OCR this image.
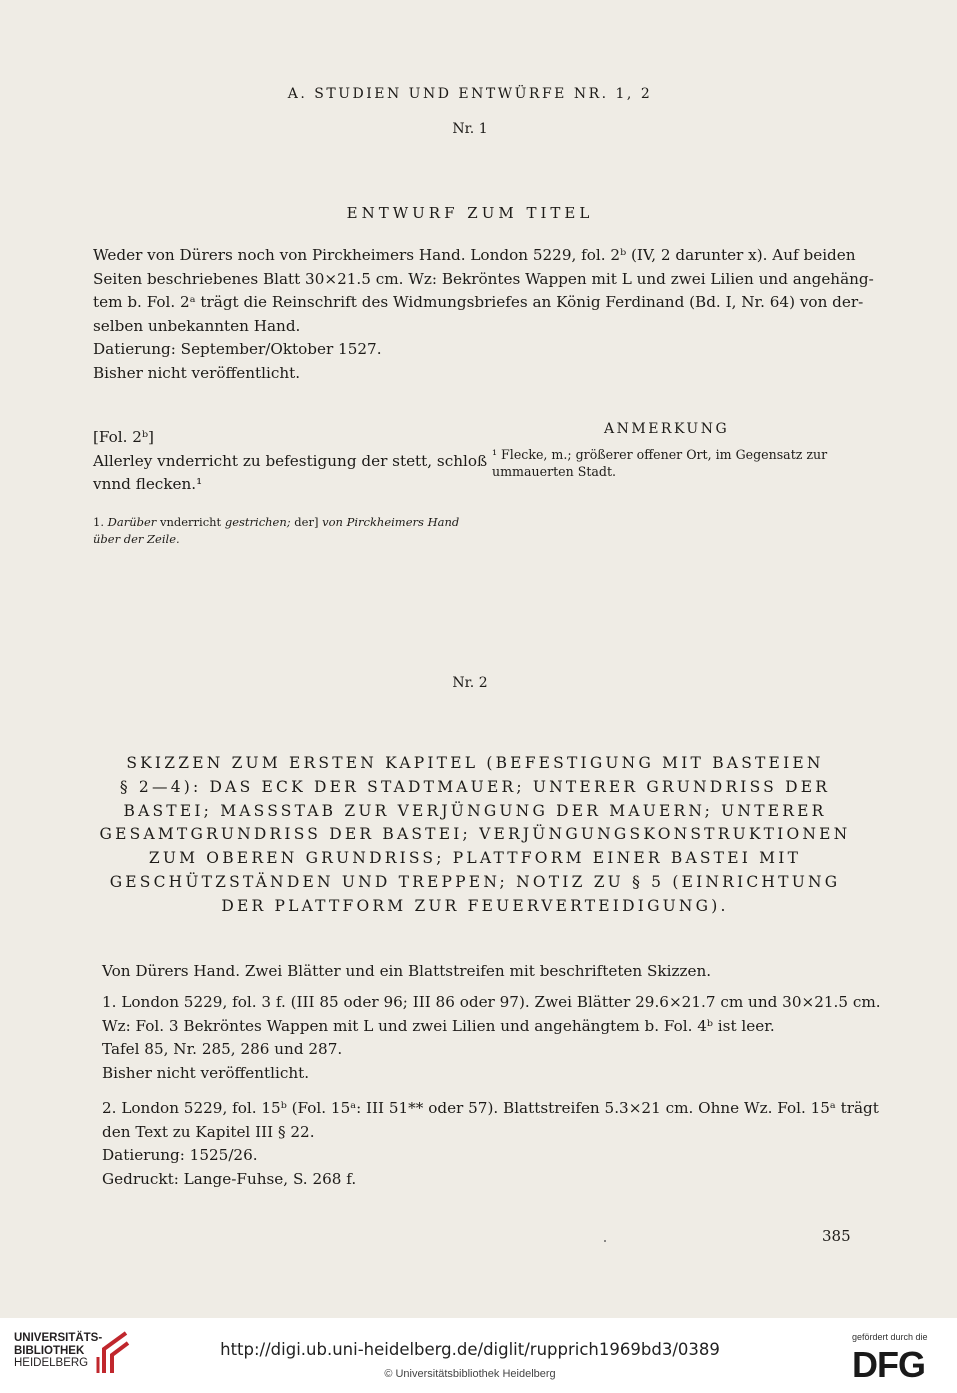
A. STUDIEN UND ENTWÜRFE NR. 1, 2
Nr. 1
ENTWURF ZUM TITEL
Weder von Dürers noch von Pirckheimers Hand. London 5229, fol. 2ᵇ (IV, 2 darunter x). Auf beiden
Seiten beschriebenes Blatt 30×21.5 cm. Wz: Bekröntes Wappen mit L und zwei Lilien und angehäng-
tem b. Fol. 2ᵃ trägt die Reinschrift des Widmungsbriefes an König Ferdinand (Bd. I, Nr. 64) von der-
selben unbekannten Hand.
Datierung: September/Oktober 1527.
Bisher nicht veröffentlicht.
[Fol. 2ᵇ]
Allerley vnderricht zu befestigung der stett, schloß
vnnd flecken.¹
1. Darüber vnderricht gestrichen; der] von Pirckheimers Hand
über der Zeile.
ANMERKUNG
¹ Flecke, m.; größerer offener Ort, im Gegensatz zur
ummauerten Stadt.
Nr. 2
SKIZZEN ZUM ERSTEN KAPITEL (BEFESTIGUNG MIT BASTEIEN
§ 2—4): DAS ECK DER STADTMAUER; UNTERER GRUNDRISS DER
BASTEI; MASSSTAB ZUR VERJÜNGUNG DER MAUERN; UNTERER
GESAMTGRUNDRISS DER BASTEI; VERJÜNGUNGSKONSTRUKTIONEN
ZUM OBEREN GRUNDRISS; PLATTFORM EINER BASTEI MIT
GESCHÜTZSTÄNDEN UND TREPPEN; NOTIZ ZU § 5 (EINRICHTUNG
DER PLATTFORM ZUR FEUERVERTEIDIGUNG).
Von Dürers Hand. Zwei Blätter und ein Blattstreifen mit beschrifteten Skizzen.
1. London 5229, fol. 3 f. (III 85 oder 96; III 86 oder 97). Zwei Blätter 29.6×21.7 cm und 30×21.5 cm.
Wz: Fol. 3 Bekröntes Wappen mit L und zwei Lilien und angehängtem b. Fol. 4ᵇ ist leer.
Tafel 85, Nr. 285, 286 und 287.
Bisher nicht veröffentlicht.
2. London 5229, fol. 15ᵇ (Fol. 15ᵃ: III 51** oder 57). Blattstreifen 5.3×21 cm. Ohne Wz. Fol. 15ᵃ trägt
den Text zu Kapitel III § 22.
Datierung: 1525/26.
Gedruckt: Lange-Fuhse, S. 268 f.
385
UNIVERSITÄTS-
BIBLIOTHEK
HEIDELBERG
http://digi.ub.uni-heidelberg.de/diglit/rupprich1969bd3/0389
© Universitätsbibliothek Heidelberg
gefördert durch die
DFG
